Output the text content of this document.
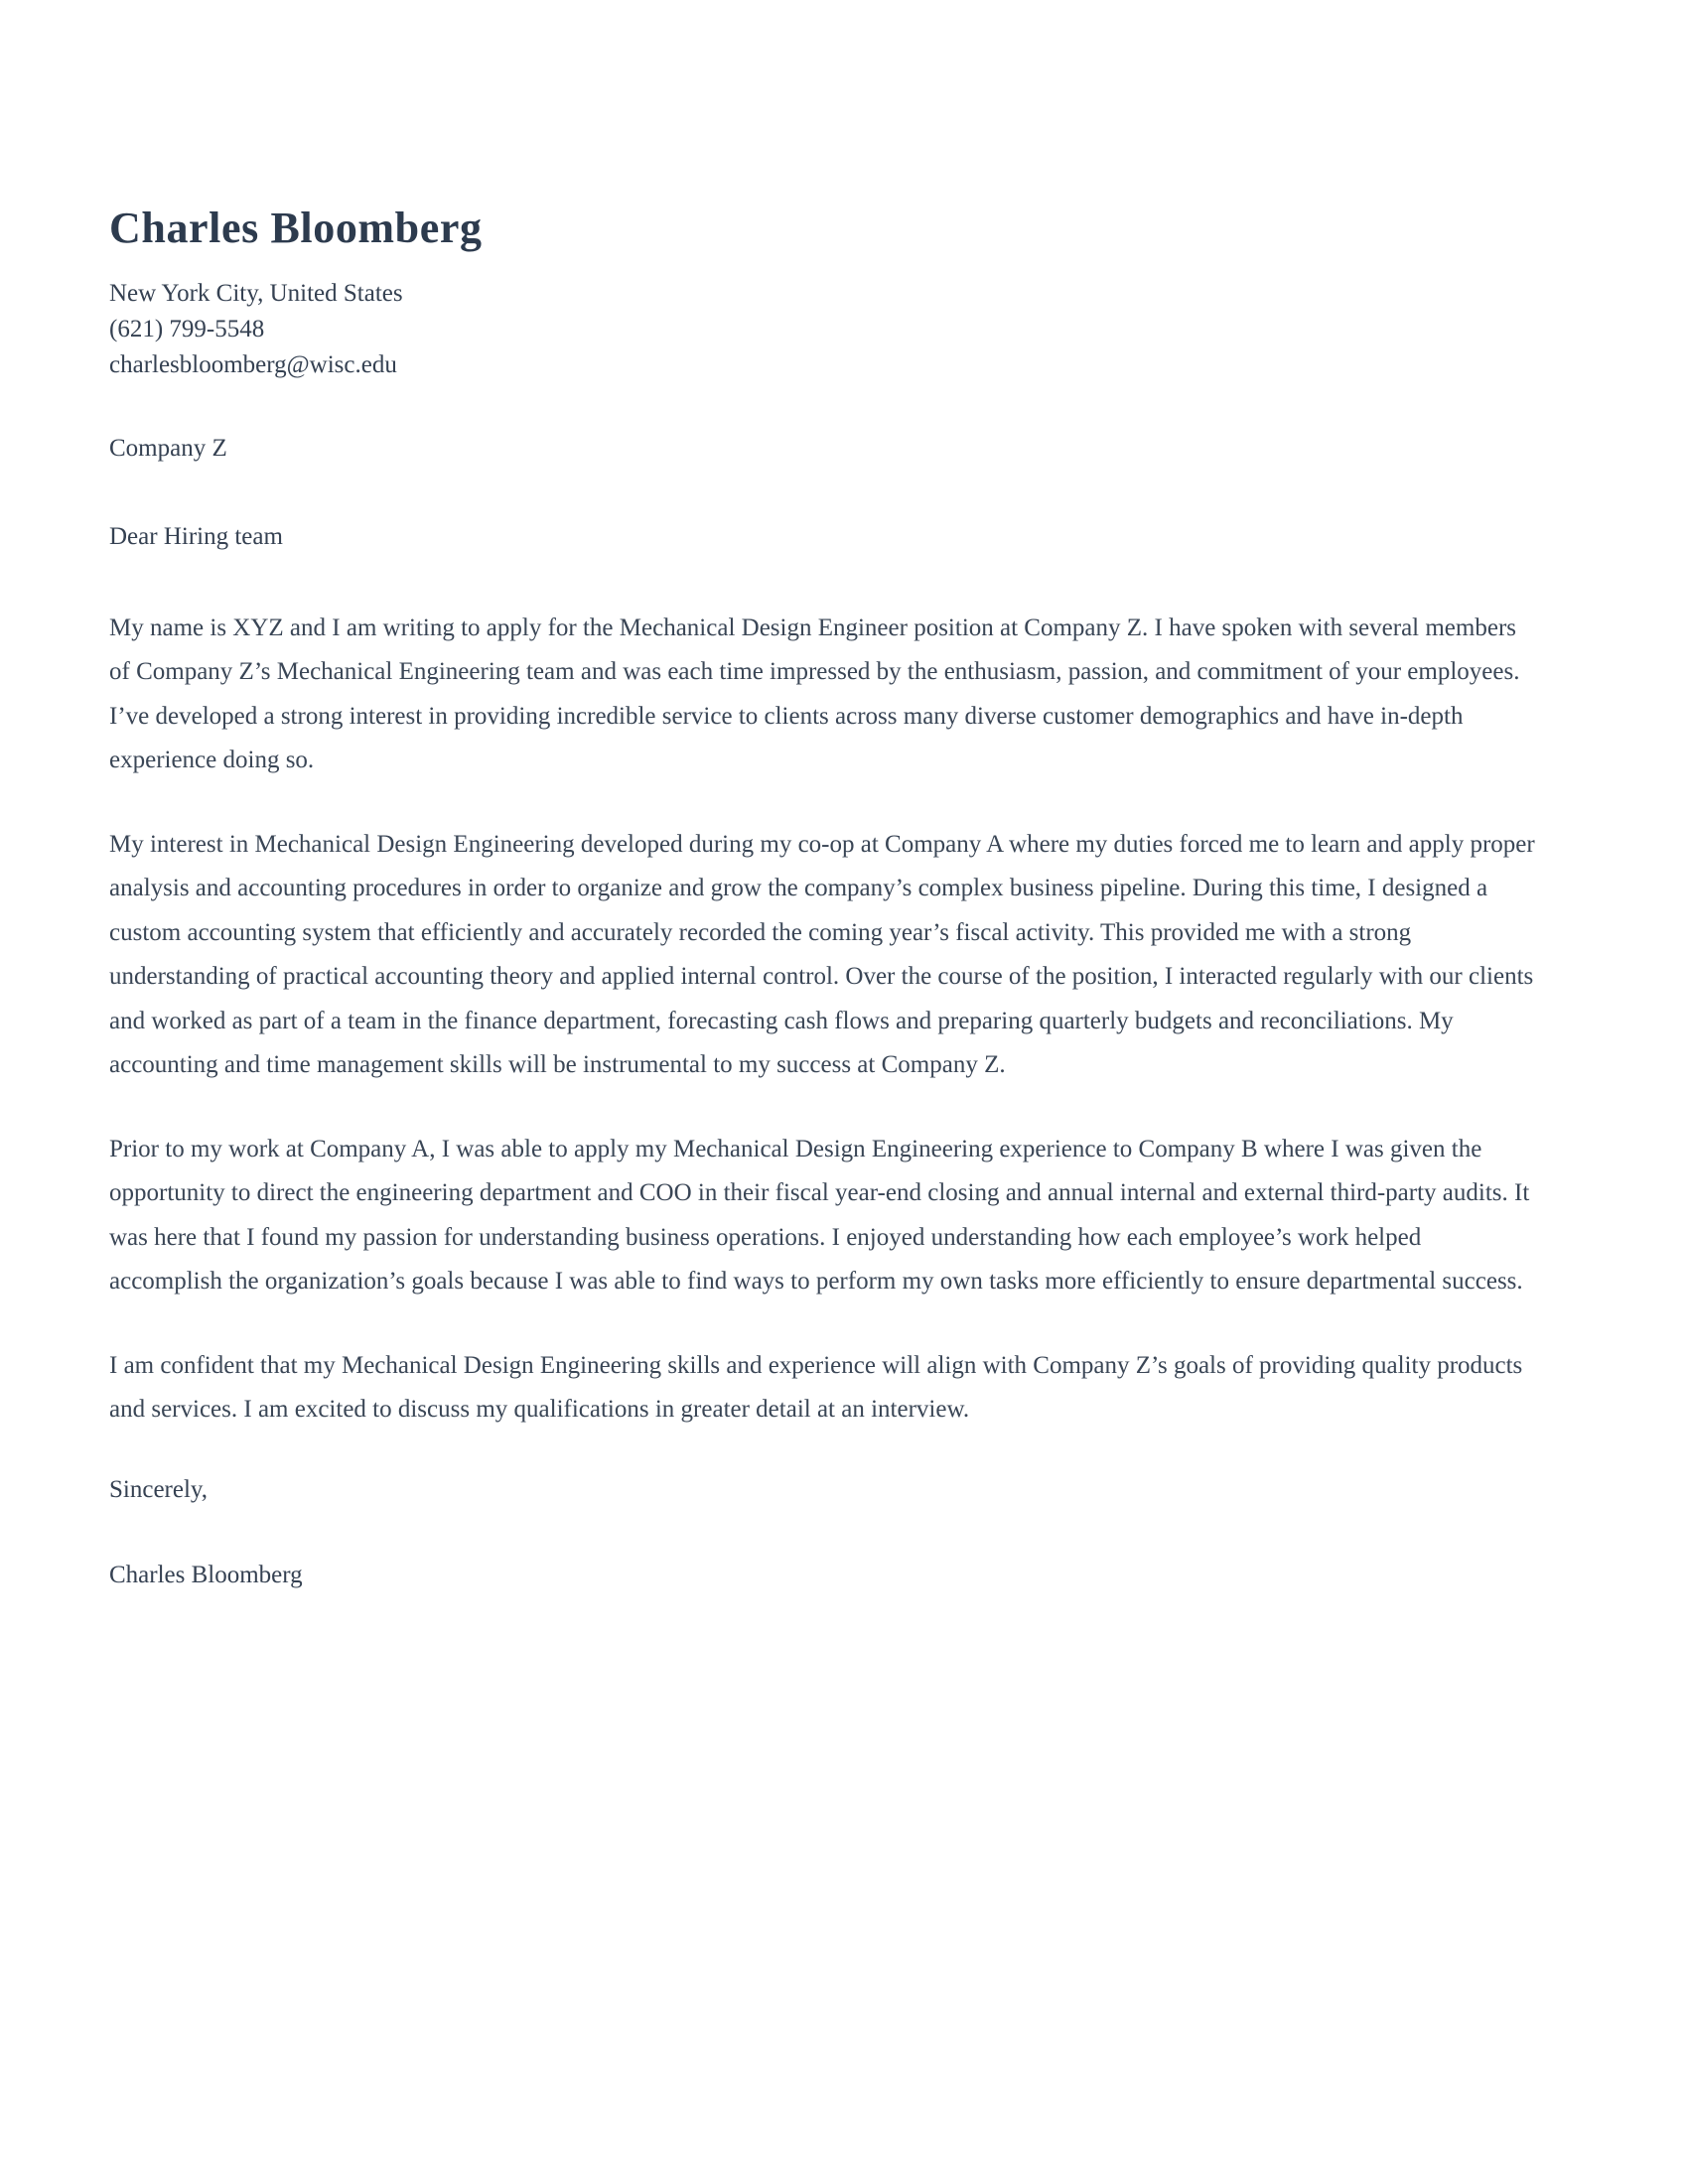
Charles Bloomberg

New York City, United States

(621) 799-5548

charlesbloomberg@wisc.edu

Company Z

Dear Hiring team

My name is XYZ and I am writing to apply for the Mechanical Design Engineer position at Company Z. I have spoken with several members of Company Z’s Mechanical Engineering team and was each time impressed by the enthusiasm, passion, and commitment of your employees. I’ve developed a strong interest in providing incredible service to clients across many diverse customer demographics and have in-depth experience doing so.

My interest in Mechanical Design Engineering developed during my co-op at Company A where my duties forced me to learn and apply proper analysis and accounting procedures in order to organize and grow the company’s complex business pipeline. During this time, I designed a custom accounting system that efficiently and accurately recorded the coming year’s fiscal activity. This provided me with a strong understanding of practical accounting theory and applied internal control. Over the course of the position, I interacted regularly with our clients and worked as part of a team in the finance department, forecasting cash flows and preparing quarterly budgets and reconciliations. My accounting and time management skills will be instrumental to my success at Company Z.

Prior to my work at Company A, I was able to apply my Mechanical Design Engineering experience to Company B where I was given the opportunity to direct the engineering department and COO in their fiscal year-end closing and annual internal and external third-party audits. It was here that I found my passion for understanding business operations. I enjoyed understanding how each employee’s work helped accomplish the organization’s goals because I was able to find ways to perform my own tasks more efficiently to ensure departmental success.

I am confident that my Mechanical Design Engineering skills and experience will align with Company Z’s goals of providing quality products and services. I am excited to discuss my qualifications in greater detail at an interview.

Sincerely,

Charles Bloomberg
